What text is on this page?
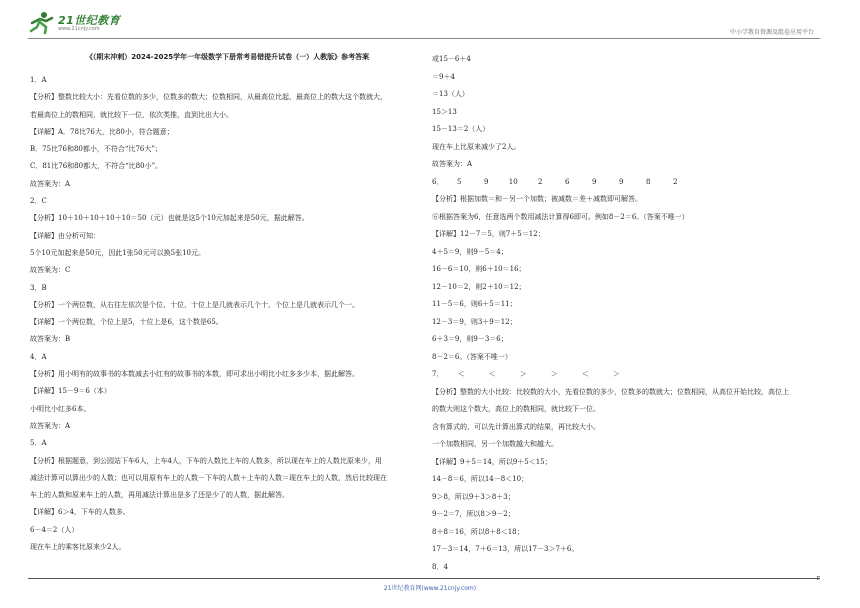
21世纪教育
www.21cnjy.com	中小学教育资源及组卷应用平台
《（期末冲刺）2024-2025学年一年级数学下册常考易错提升试卷（一）人教版》参考答案
1．A
【分析】整数比较大小：先看位数的多少，位数多的数大；位数相同，从最高位比起，最高位上的数大这个数就大，
若最高位上的数相同，就比较下一位，依次类推，直到比出大小。
【详解】A．78比76大，比80小，符合题意；
B．75比76和80都小，不符合“比76大”；
C．81比76和80都大，不符合“比80小”。
故答案为：A
2．C
【分析】10＋10＋10＋10＋10＝50（元）也就是这5个10元加起来是50元，据此解答。
【详解】由分析可知：
5个10元加起来是50元，因此1张50元可以换5张10元。
故答案为：C
3．B
【分析】一个两位数，从右往左依次是个位、十位，十位上是几就表示几个十，个位上是几就表示几个一。
【详解】一个两位数，个位上是5，十位上是6，这个数是65。
故答案为：B
4．A
【分析】用小明有的故事书的本数减去小红有的故事书的本数，即可求出小明比小红多多少本，据此解答。
【详解】15－9＝6（本）
小明比小红多6本。
故答案为：A
5．A
【分析】根据题意，到公园站下车6人，上车4人，下车的人数比上车的人数多，所以现在车上的人数比原来少，用
减法计算可以算出少的人数；也可以用原有车上的人数－下车的人数＋上车的人数＝现在车上的人数，然后比较现在
车上的人数和原来车上的人数，再用减法计算出是多了还是少了的人数，据此解答。
【详解】6＞4，下车的人数多。
6－4＝2（人）
现在车上的乘客比原来少2人。
或15－6＋4
＝9＋4
＝13（人）
15＞13
15－13＝2（人）
现在车上比原来减少了2人。
故答案为：A
6． 5	9	10	2	6	9	9	8	2
【分析】根据加数＝和－另一个加数；被减数＝差＋减数即可解答。
⑥根据答案为6，任意选两个数用减法计算得6即可。例如8－2＝6。（答案不唯一）
【详解】12－7＝5，则7＋5＝12；
4＋5＝9，则9－5＝4；
16－6＝10，则6＋10＝16；
12－10＝2，则2＋10＝12；
11－5＝6，则6＋5＝11；
12－3＝9，则3＋9＝12；
6＋3＝9，则9－3＝6；
8－2＝6。（答案不唯一）
7． ＜	＜	＞	＞	＜	＞
【分析】整数的大小比较：比较数的大小，先看位数的多少，位数多的数就大；位数相同，从高位开始比较，高位上
的数大则这个数大，高位上的数相同，就比较下一位。
含有算式的，可以先计算出算式的结果，再比较大小。
一个加数相同，另一个加数越大和越大。
【详解】9＋5＝14，所以9＋5＜15；
14－8＝6，所以14－8＜10；
9＞8，所以9＋3＞8＋3；
9－2＝7，所以8＞9－2；
8＋8＝16，所以8＋8＜18；
17－3＝14，7＋6＝13，所以17－3＞7＋6。
8．4
r
21世纪教育网(www.21cnjy.com)
